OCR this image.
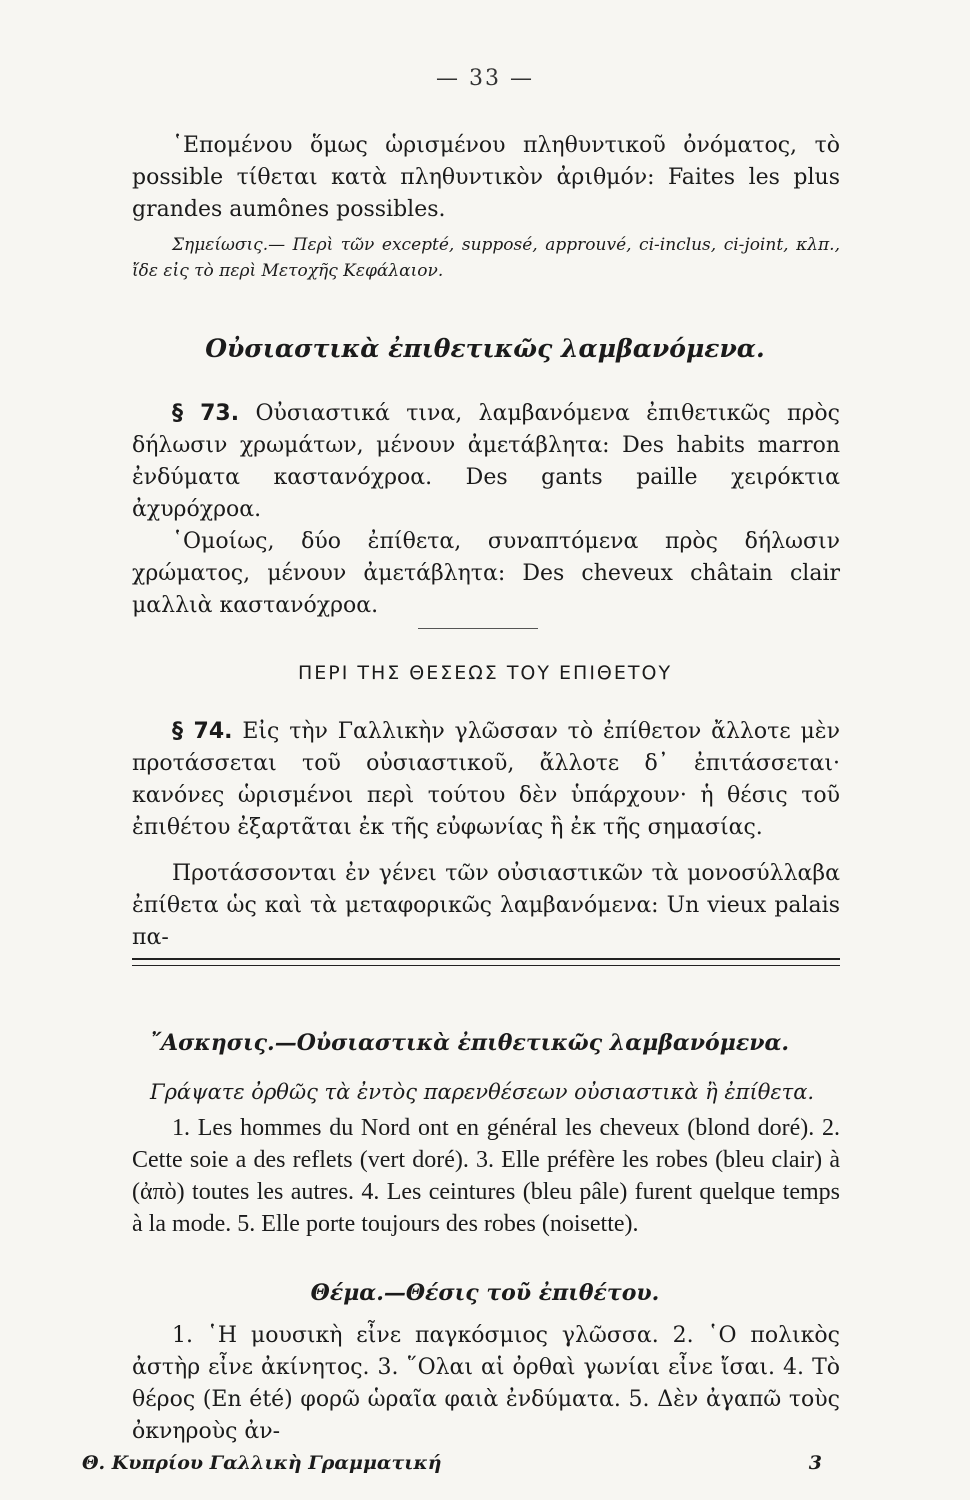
— 33 —
῾Επομένου ὅμως ὡρισμένου πληθυντικοῦ ὀνόματος, τὸ possible τίθεται κατὰ πληθυντικὸν ἀριθμόν: Faites les plus grandes aumônes possibles.
Σημείωσις.— Περὶ τῶν excepté, supposé, approuvé, ci-inclus, ci-joint, κλπ., ἴδε εἰς τὸ περὶ Μετοχῆς Κεφάλαιον.
Οὐσιαστικὰ ἐπιθετικῶς λαμβανόμενα.
§ 73. Οὐσιαστικά τινα, λαμβανόμενα ἐπιθετικῶς πρὸς δήλωσιν χρωμάτων, μένουν ἀμετάβλητα: Des habits marron ἐνδύματα καστανόχροα. Des gants paille χειρόκτια ἀχυρόχροα.
῾Ομοίως, δύο ἐπίθετα, συναπτόμενα πρὸς δήλωσιν χρώματος, μένουν ἀμετάβλητα: Des cheveux châtain clair μαλλιὰ καστανόχροα.
ΠΕΡΙ ΤΗΣ ΘΕΣΕΩΣ ΤΟΥ ΕΠΙΘΕΤΟΥ
§ 74. Εἰς τὴν Γαλλικὴν γλῶσσαν τὸ ἐπίθετον ἄλλοτε μὲν προτάσσεται τοῦ οὐσιαστικοῦ, ἄλλοτε δ᾽ ἐπιτάσσεται· κανόνες ὡρισμένοι περὶ τούτου δὲν ὑπάρχουν· ἡ θέσις τοῦ ἐπιθέτου ἐξαρτᾶται ἐκ τῆς εὐφωνίας ἢ ἐκ τῆς σημασίας.
Προτάσσονται ἐν γένει τῶν οὐσιαστικῶν τὰ μονοσύλλαβα ἐπίθετα ὡς καὶ τὰ μεταφορικῶς λαμβανόμενα: Un vieux palais πα-
῎Ασκησις.—Οὐσιαστικὰ ἐπιθετικῶς λαμβανόμενα.
Γράψατε ὀρθῶς τὰ ἐντὸς παρενθέσεων οὐσιαστικὰ ἢ ἐπίθετα.
1. Les hommes du Nord ont en général les cheveux (blond doré). 2. Cette soie a des reflets (vert doré). 3. Elle préfère les robes (bleu clair) à (ἀπὸ) toutes les autres. 4. Les ceintures (bleu pâle) furent quelque temps à la mode. 5. Elle porte toujours des robes (noisette).
Θέμα.—Θέσις τοῦ ἐπιθέτου.
1. ῾Η μουσικὴ εἶνε παγκόσμιος γλῶσσα. 2. ῾Ο πολικὸς ἀστὴρ εἶνε ἀκίνητος. 3. ῞Ολαι αἱ ὀρθαὶ γωνίαι εἶνε ἴσαι. 4. Τὸ θέρος (En été) φορῶ ὡραῖα φαιὰ ἐνδύματα. 5. Δὲν ἀγαπῶ τοὺς ὀκνηροὺς ἀν-
Θ. Κυπρίου Γαλλικὴ Γραμματική	3
